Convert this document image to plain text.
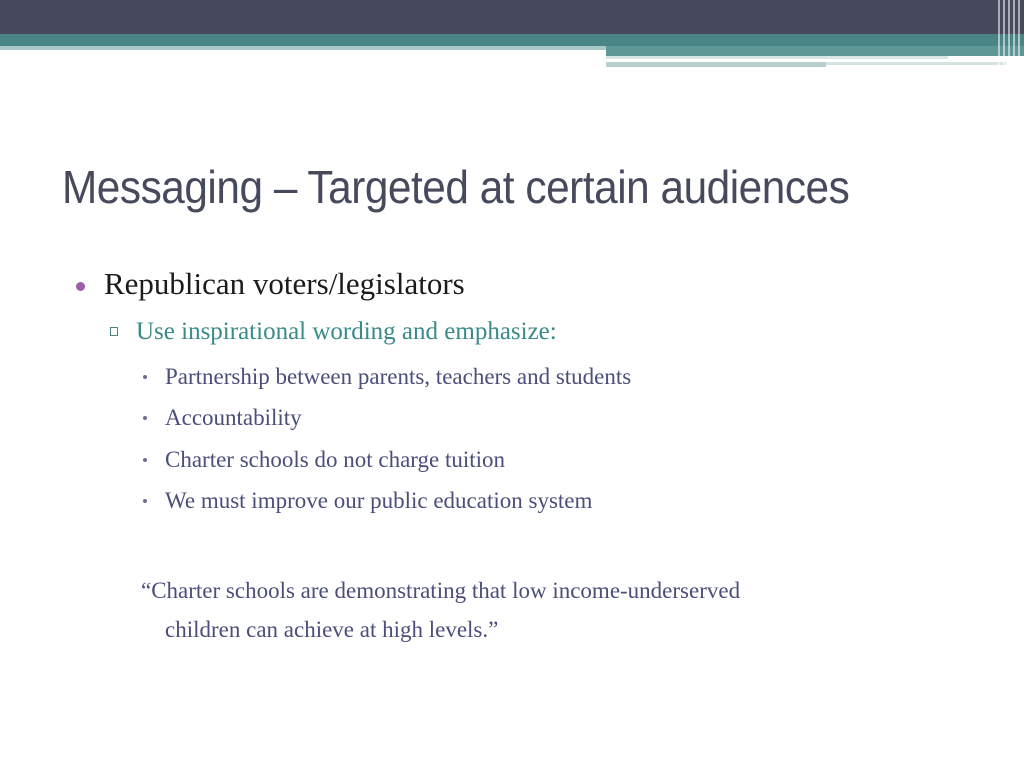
Messaging – Targeted at certain audiences
Republican voters/legislators
Use inspirational wording and emphasize:
Partnership between parents, teachers and students
Accountability
Charter schools do not charge tuition
We must improve our public education system
“Charter schools are demonstrating that low income-underserved
children can achieve at high levels.”
